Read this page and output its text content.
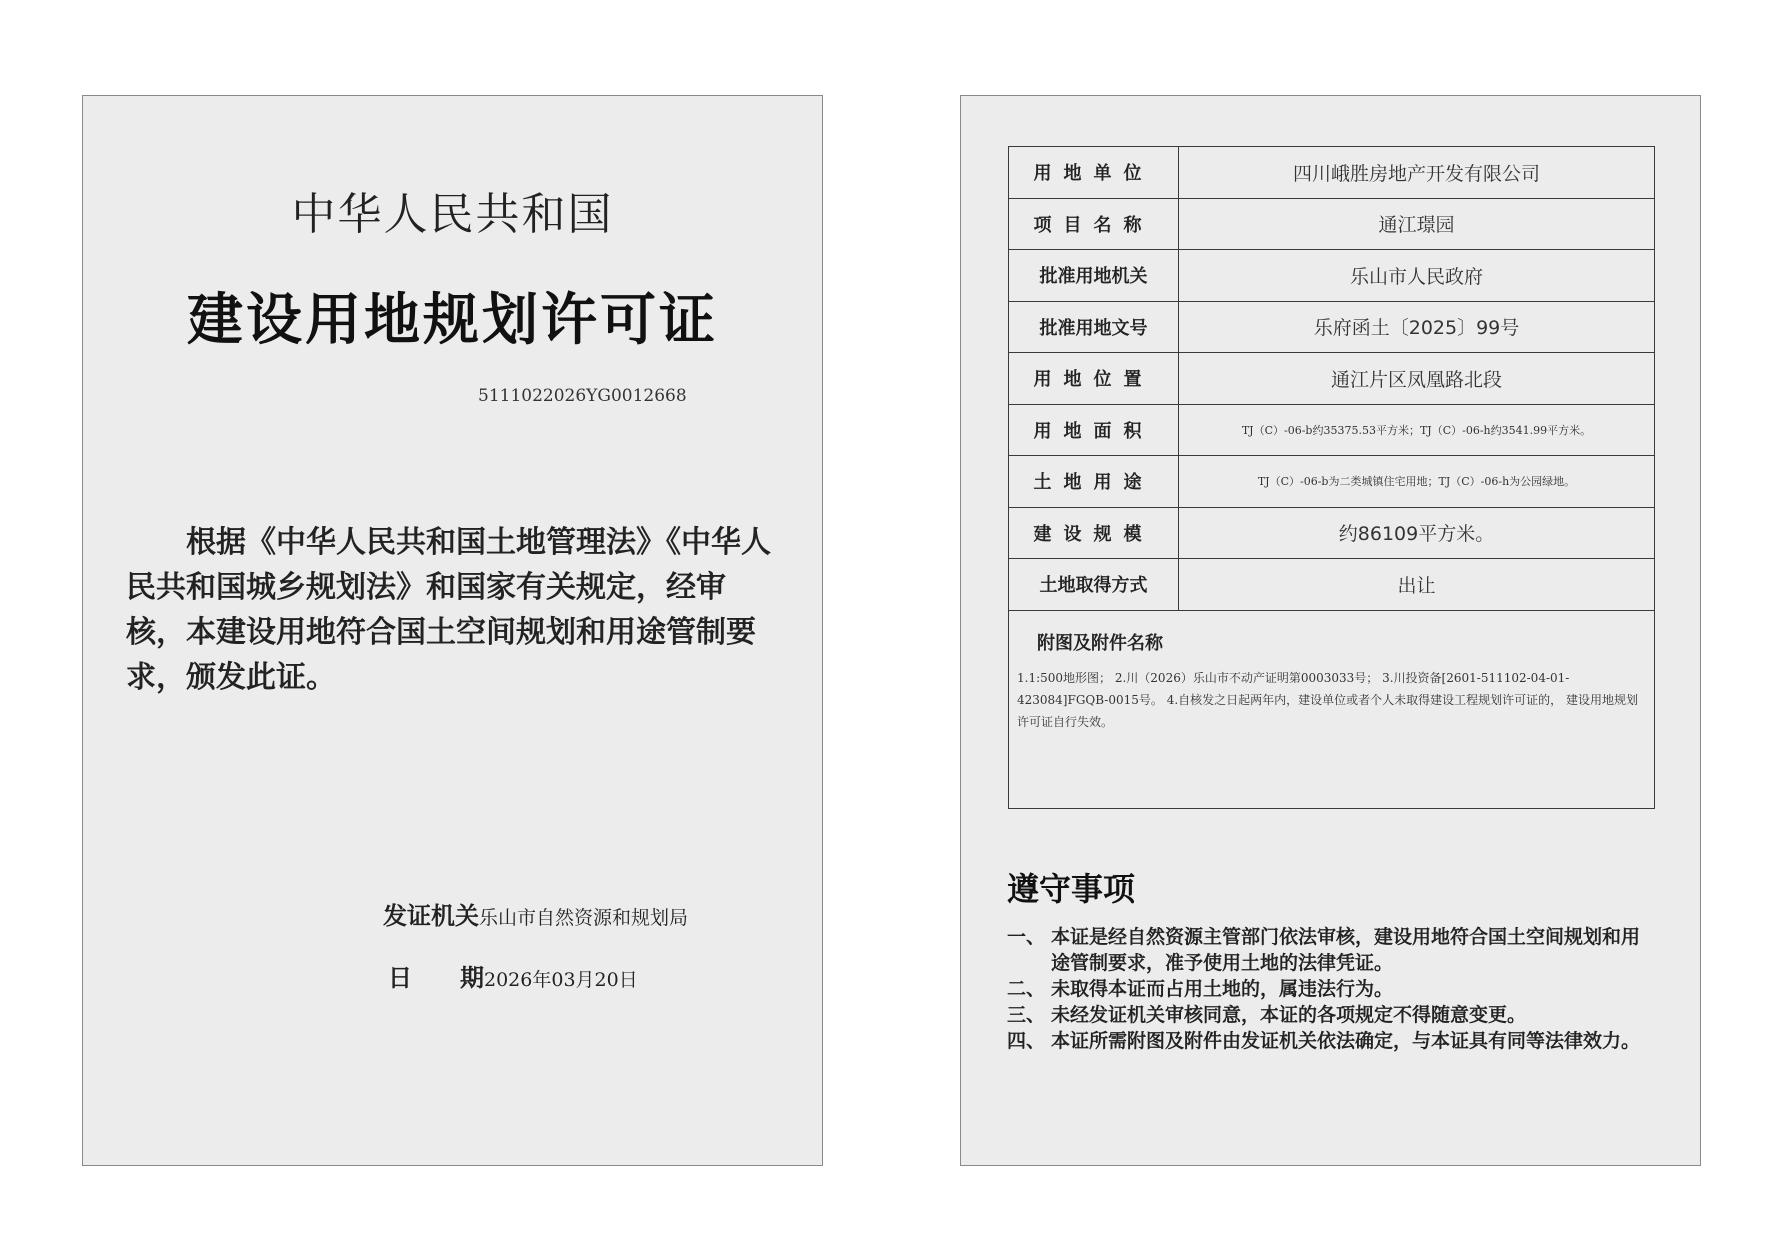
中华人民共和国
建设用地规划许可证
5111022026YG0012668
根据《中华人民共和国土地管理法》《中华人民共和国城乡规划法》和国家有关规定，经审核，本建设用地符合国土空间规划和用途管制要求，颁发此证。
发证机关乐山市自然资源和规划局
日 期2026年03月20日
用地单位	四川峨胜房地产开发有限公司
项目名称	通江璟园
批准用地机关	乐山市人民政府
批准用地文号	乐府函土〔2025〕99号
用地位置	通江片区凤凰路北段
用地面积	TJ（C）-06-b约35375.53平方米；TJ（C）-06-h约3541.99平方米。
土地用途	TJ（C）-06-b为二类城镇住宅用地；TJ（C）-06-h为公园绿地。
建设规模	约86109平方米。
土地取得方式	出让

附图及附件名称
1.1:500地形图； 2.川（2026）乐山市不动产证明第0003033号； 3.川投资备[2601-511102-04-01-423084]FGQB-0015号。 4.自核发之日起两年内，建设单位或者个人未取得建设工程规划许可证的， 建设用地规划许可证自行失效。	
遵守事项
一、 本证是经自然资源主管部门依法审核，建设用地符合国土空间规划和用途管制要求，准予使用土地的法律凭证。
二、 未取得本证而占用土地的，属违法行为。
三、 未经发证机关审核同意，本证的各项规定不得随意变更。
四、 本证所需附图及附件由发证机关依法确定，与本证具有同等法律效力。
